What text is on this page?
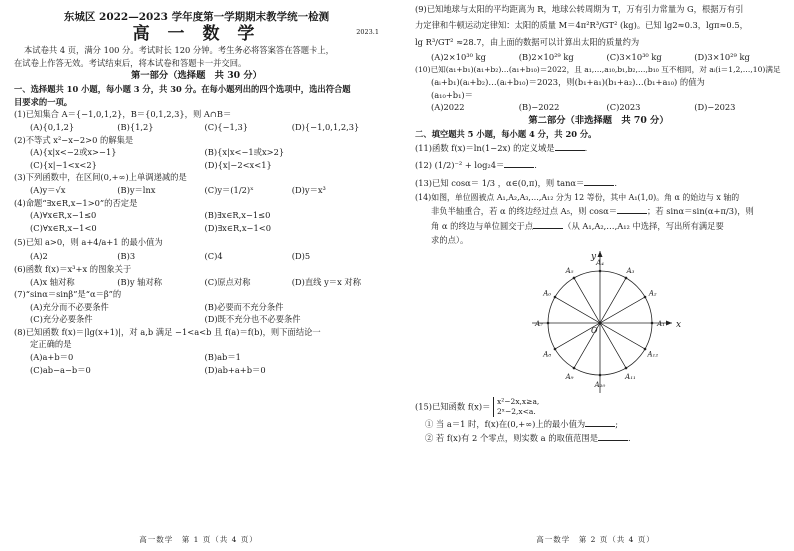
东城区 2022—2023 学年度第一学期期末教学统一检测
高 一 数 学	2023.1
本试卷共 4 页，满分 100 分。考试时长 120 分钟。考生务必将答案答在答题卡上，
在试卷上作答无效。考试结束后，将本试卷和答题卡一并交回。
第一部分（选择题　共 30 分）
一、选择题共 10 小题，每小题 3 分，共 30 分。在每小题列出的四个选项中，选出符合题
目要求的一项。
(1)已知集合 A＝{−1,0,1,2}，B＝{0,1,2,3}，则 A∩B＝
(A){0,1,2}	(B){1,2}	(C){−1,3}	(D){−1,0,1,2,3}
(2)不等式 x²−x−2>0 的解集是
(A){x|x<−2或x>−1}	(B){x|x<−1或x>2}
(C){x|−1<x<2}	(D){x|−2<x<1}
(3)下列函数中，在区间(0,+∞)上单调递减的是
(A)y＝√x	(B)y＝lnx	(C)y＝(1/2)ˣ	(D)y＝x³
(4)命题“∃x∈R,x−1>0”的否定是
(A)∀x∈R,x−1≤0	(B)∃x∈R,x−1≤0
(C)∀x∈R,x−1<0	(D)∃x∈R,x−1<0
(5)已知 a>0，则 a+4/a+1 的最小值为
(A)2	(B)3	(C)4	(D)5
(6)函数 f(x)＝x³+x 的图象关于
(A)x 轴对称	(B)y 轴对称	(C)原点对称	(D)直线 y＝x 对称
(7)“sinα＝sinβ”是“α＝β”的
(A)充分而不必要条件	(B)必要而不充分条件
(C)充分必要条件	(D)既不充分也不必要条件
(8)已知函数 f(x)＝|lg(x+1)|，对 a,b 满足 −1<a<b 且 f(a)＝f(b)，则下面结论一
定正确的是
(A)a+b＝0	(B)ab＝1
(C)ab−a−b＝0	(D)ab+a+b＝0
高一数学　第 1 页（共 4 页）
(9)已知地球与太阳的平均距离为 R，地球公转周期为 T，万有引力常量为 G，根据万有引
力定律和牛顿运动定律知：太阳的质量 M＝4π²R³/GT² (kg)。已知 lg2≈0.3，lgπ≈0.5，
lg R³/GT² ≈28.7，由上面的数据可以计算出太阳的质量约为
(A)2×10³⁰ kg	(B)2×10²⁹ kg	(C)3×10³⁰ kg	(D)3×10²⁹ kg
(10)已知(a₁+b₁)(a₁+b₂)…(a₁+b₁₀)＝2022，且 a₁,…,a₁₀,b₁,b₂,…,b₁₀ 互不相同，对 aᵢ(i＝1,2,…,10)满足
(aᵢ+b₁)(aᵢ+b₂)…(aᵢ+b₁₀)＝2023，则(b₁+a₁)(b₁+a₂)…(b₁+a₁₀) 的值为
(a₁₀+b₁)＝
(A)2022	(B)−2022	(C)2023	(D)−2023
第二部分（非选择题　共 70 分）
二、填空题共 5 小题，每小题 4 分，共 20 分。
(11)函数 f(x)＝ln(1−2x) 的定义域是	.
(12) (1/2)⁻² + log₂4＝	.
(13)已知 cosα＝ 1/3 ，α∈(0,π)，则 tanα＝	.
(14)如图，单位圆被点 A₁,A₂,A₃,…,A₁₂ 分为 12 等份，其中 A₁(1,0)。角 α 的始边与 x 轴的
非负半轴重合，若 α 的终边经过点 A₅，则 cosα＝	；若 sinα＝sin(α+π/3)，则
角 α 的终边与单位圆交于点	（从 A₁,A₂,…,A₁₂ 中选择，写出所有满足要
求的点）。
A₁
A₂
A₃
A₄
A₅
A₆
A₇
A₈
A₉
A₁₀
A₁₁
A₁₂
x
y
O
(15)已知函数 f(x)＝ x²−2x,x≥a,
2ˣ−2,x<a.
① 当 a＝1 时，f(x)在(0,+∞)上的最小值为	;
② 若 f(x)有 2 个零点，则实数 a 的取值范围是	.
高一数学　第 2 页（共 4 页）
